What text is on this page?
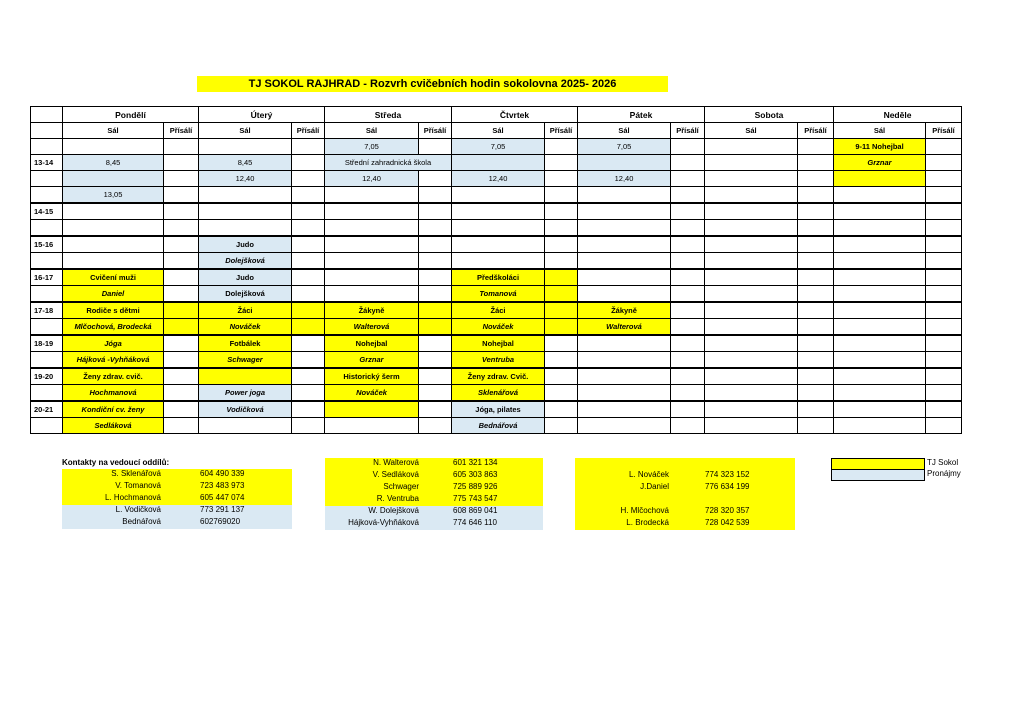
TJ SOKOL RAJHRAD - Rozvrh cvičebních hodin sokolovna 2025- 2026
	Pondělí		Úterý		Středa		Čtvrtek		Pátek		Sobota		Neděle	
	Sál	Přísálí	Sál	Přísálí	Sál	Přísálí	Sál	Přísálí	Sál	Přísálí	Sál	Přísálí	Sál	Přísálí
					7,05		7,05		7,05				9-11 Nohejbal	
13-14	8,45		8,45		Střední zahradnická škola								Grznar	
			12,40		12,40		12,40		12,40					
	13,05													
14-15														

15-16			Judo											
			Dolejšková											
16-17	Cvičení muži		Judo				Předškoláci							
	Daniel		Dolejšková				Tomanová							
17-18	Rodiče s dětmi		Žáci		Žákyně		Žáci		Žákyně					
	Mlčochová, Brodecká		Nováček		Walterová		Nováček		Walterová					
18-19	Jóga		Fotbálek		Nohejbal		Nohejbal							
	Hájková -Vyhňáková		Schwager		Grznar		Ventruba							
19-20	Ženy zdrav. cvič.				Historický šerm		Ženy zdrav. Cvič.							
	Hochmanová		Power joga		Nováček		Sklenářová							
20-21	Kondiční cv. ženy		Vodičková				Jóga, pilates							
	Sedláková						Bednářová							
Kontakty na vedoucí oddílů:
S. Sklenářová	604 490 339
V. Tomanová	723 483 973
L. Hochmanová	605 447 074
L. Vodičková	773 291 137
Bednářová	602769020
N. Walterová	601 321 134
V. Sedláková	605 303 863
Schwager	725 889 926
R. Ventruba	775 743 547
W. Dolejšková	608 869 041
Hájková-Vyhňáková	774 646 110
L. Nováček	774 323 152
J.Daniel	776 634 199
H. Mlčochová	728 320 357
L. Brodecká	728 042 539
TJ Sokol
Pronájmy
